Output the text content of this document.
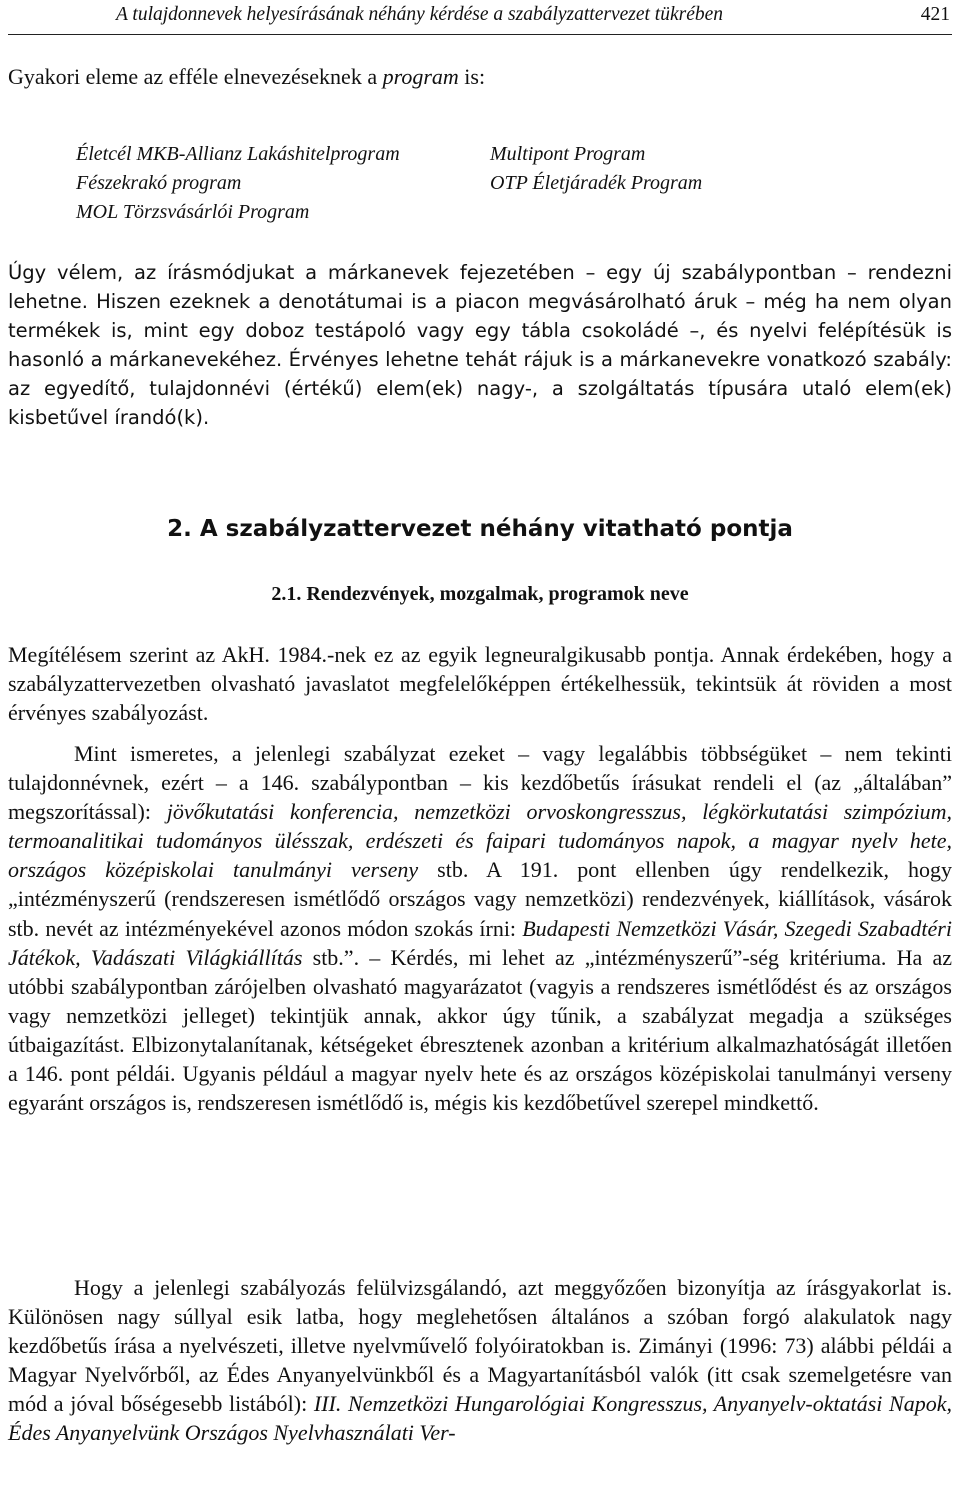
A tulajdonnevek helyesírásának néhány kérdése a szabályzattervezet tükrében	421

Gyakori eleme az efféle elnevezéseknek a program is:

Életcél MKB-Allianz Lakáshitelprogram
Fészekrakó program
MOL Törzsvásárlói Program
Multipont Program
OTP Életjáradék Program

Úgy vélem, az írásmódjukat a márkanevek fejezetében – egy új szabálypontban – rendezni lehetne. Hiszen ezeknek a denotátumai is a piacon megvásárolható áruk – még ha nem olyan termékek is, mint egy doboz testápoló vagy egy tábla csokoládé –, és nyelvi felépítésük is hasonló a márkanevekéhez. Érvényes lehetne tehát rájuk is a márkanevekre vonatkozó szabály: az egyedítő, tulajdonnévi (értékű) elem(ek) nagy-, a szolgáltatás típusára utaló elem(ek) kisbetűvel írandó(k).

2. A szabályzattervezet néhány vitatható pontja
2.1. Rendezvények, mozgalmak, programok neve

Megítélésem szerint az AkH. 1984.-nek ez az egyik legneuralgikusabb pontja. Annak érdekében, hogy a szabályzattervezetben olvasható javaslatot megfelelőképpen értékelhessük, tekintsük át röviden a most érvényes szabályozást.

Mint ismeretes, a jelenlegi szabályzat ezeket – vagy legalábbis többségüket – nem tekinti tulajdonnévnek, ezért – a 146. szabálypontban – kis kezdőbetűs írásukat rendeli el (az „általában” megszorítással): jövőkutatási konferencia, nemzetközi orvoskongresszus, légkörkutatási szimpózium, termoanalitikai tudományos ülésszak, erdészeti és faipari tudományos napok, a magyar nyelv hete, országos középiskolai tanulmányi verseny stb. A 191. pont ellenben úgy rendelkezik, hogy „intézményszerű (rendszeresen ismétlődő országos vagy nemzetközi) rendezvények, kiállítások, vásárok stb. nevét az intézményekével azonos módon szokás írni: Budapesti Nemzetközi Vásár, Szegedi Szabadtéri Játékok, Vadászati Világkiállítás stb.”. – Kérdés, mi lehet az „intézményszerű”-ség kritériuma. Ha az utóbbi szabálypontban zárójelben olvasható magyarázatot (vagyis a rendszeres ismétlődést és az országos vagy nemzetközi jelleget) tekintjük annak, akkor úgy tűnik, a szabályzat megadja a szükséges útbaigazítást. Elbizonytalanítanak, kétségeket ébresztenek azonban a kritérium alkalmazhatóságát illetően a 146. pont példái. Ugyanis például a magyar nyelv hete és az országos középiskolai tanulmányi verseny egyaránt országos is, rendszeresen ismétlődő is, mégis kis kezdőbetűvel szerepel mindkettő.

Hogy a jelenlegi szabályozás felülvizsgálandó, azt meggyőzően bizonyítja az írásgyakorlat is. Különösen nagy súllyal esik latba, hogy meglehetősen általános a szóban forgó alakulatok nagy kezdőbetűs írása a nyelvészeti, illetve nyelvművelő folyóiratokban is. Zimányi (1996: 73) alábbi példái a Magyar Nyelvőrből, az Édes Anyanyelvünkből és a Magyartanításból valók (itt csak szemelgetésre van mód a jóval bőségesebb listából): III. Nemzetközi Hungarológiai Kongresszus, Anyanyelv-oktatási Napok, Édes Anyanyelvünk Országos Nyelvhasználati Ver-
